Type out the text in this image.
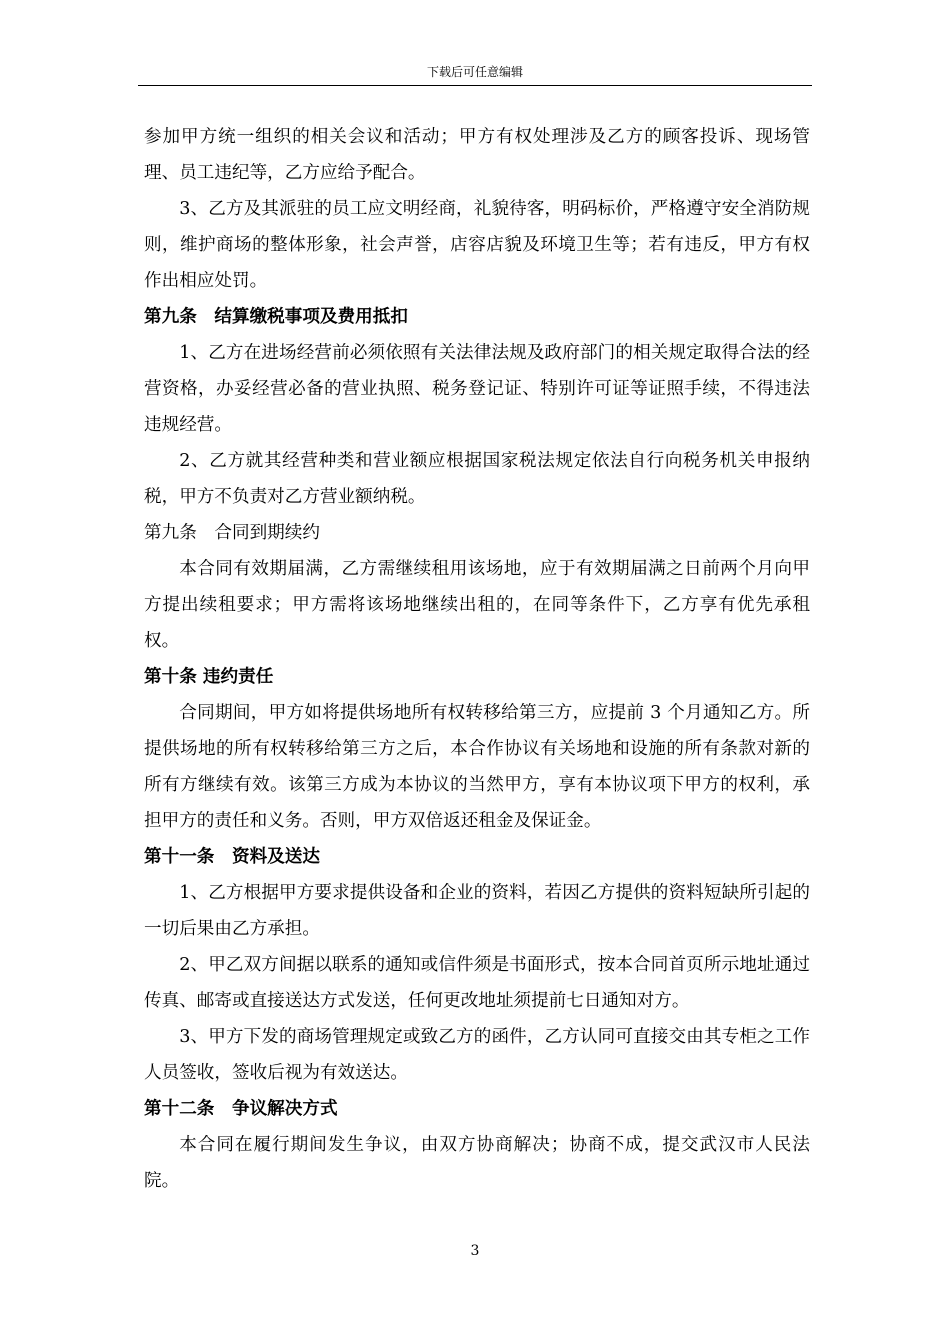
下载后可任意编辑

参加甲方统一组织的相关会议和活动；甲方有权处理涉及乙方的顾客投诉、现场管理、员工违纪等，乙方应给予配合。

3、乙方及其派驻的员工应文明经商，礼貌待客，明码标价，严格遵守安全消防规则，维护商场的整体形象，社会声誉，店容店貌及环境卫生等；若有违反，甲方有权作出相应处罚。

第九条　结算缴税事项及费用抵扣

1、乙方在进场经营前必须依照有关法律法规及政府部门的相关规定取得合法的经营资格，办妥经营必备的营业执照、税务登记证、特别许可证等证照手续，不得违法违规经营。

2、乙方就其经营种类和营业额应根据国家税法规定依法自行向税务机关申报纳税，甲方不负责对乙方营业额纳税。

第九条　合同到期续约

本合同有效期届满，乙方需继续租用该场地，应于有效期届满之日前两个月向甲方提出续租要求；甲方需将该场地继续出租的，在同等条件下，乙方享有优先承租权。

第十条 违约责任

合同期间，甲方如将提供场地所有权转移给第三方，应提前 3 个月通知乙方。所提供场地的所有权转移给第三方之后，本合作协议有关场地和设施的所有条款对新的所有方继续有效。该第三方成为本协议的当然甲方，享有本协议项下甲方的权利，承担甲方的责任和义务。否则，甲方双倍返还租金及保证金。

第十一条　资料及送达

1、乙方根据甲方要求提供设备和企业的资料，若因乙方提供的资料短缺所引起的一切后果由乙方承担。

2、甲乙双方间据以联系的通知或信件须是书面形式，按本合同首页所示地址通过传真、邮寄或直接送达方式发送，任何更改地址须提前七日通知对方。

3、甲方下发的商场管理规定或致乙方的函件，乙方认同可直接交由其专柜之工作人员签收，签收后视为有效送达。

第十二条　争议解决方式

本合同在履行期间发生争议，由双方协商解决；协商不成，提交武汉市人民法院。

3
